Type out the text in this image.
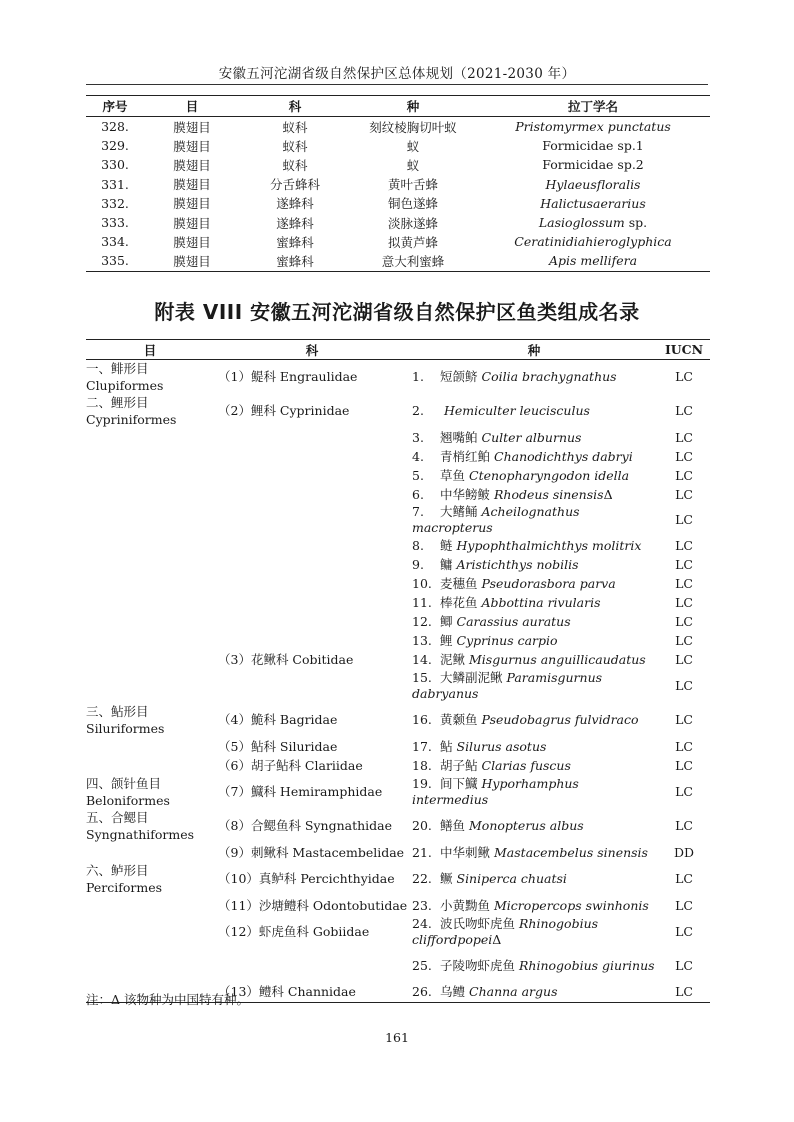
安徽五河沱湖省级自然保护区总体规划（2021-2030 年）
序号	目	科	种	拉丁学名
328.	膜翅目	蚁科	刻纹棱胸切叶蚁	Pristomyrmex punctatus
329.	膜翅目	蚁科	蚁	Formicidae sp.1
330.	膜翅目	蚁科	蚁	Formicidae sp.2
331.	膜翅目	分舌蜂科	黄叶舌蜂	Hylaeusfloralis
332.	膜翅目	遂蜂科	铜色遂蜂	Halictusaerarius
333.	膜翅目	遂蜂科	淡脉遂蜂	Lasioglossum sp.
334.	膜翅目	蜜蜂科	拟黄芦蜂	Ceratinidiahieroglyphica
335.	膜翅目	蜜蜂科	意大利蜜蜂	Apis mellifera
附表 VIII 安徽五河沱湖省级自然保护区鱼类组成名录
目	科	种	IUCN
一、鲱形目 Clupiformes	（1）鳀科 Engraulidae	1. 短颌鲚 Coilia brachygnathus	LC
二、鲤形目 Cypriniformes	（2）鲤科 Cyprinidae	2. Hemiculter leucisculus	LC
		3. 翘嘴鲌 Culter alburnus	LC
		4. 青梢红鲌 Chanodichthys dabryi	LC
		5. 草鱼 Ctenopharyngodon idella	LC
		6. 中华鳑鲏 Rhodeus sinensisΔ	LC
		7. 大鳍鲬 Acheilognathus macropterus	LC
		8. 鲢 Hypophthalmichthys molitrix	LC
		9. 鳙 Aristichthys nobilis	LC
		10. 麦穗鱼 Pseudorasbora parva	LC
		11. 棒花鱼 Abbottina rivularis	LC
		12. 鲫 Carassius auratus	LC
		13. 鲤 Cyprinus carpio	LC
	（3）花鳅科 Cobitidae	14. 泥鳅 Misgurnus anguillicaudatus	LC
		15. 大鳞副泥鳅 Paramisgurnus dabryanus	LC
三、鲇形目 Siluriformes	（4）鮠科 Bagridae	16. 黄颡鱼 Pseudobagrus fulvidraco	LC
	（5）鲇科 Siluridae	17. 鲇 Silurus asotus	LC
	（6）胡子鲇科 Clariidae	18. 胡子鲇 Clarias fuscus	LC
四、颌针鱼目 Beloniformes	（7）鱵科 Hemiramphidae	19. 间下鱵 Hyporhamphus intermedius	LC
五、合鳃目 Syngnathiformes	（8）合鳃鱼科 Syngnathidae	20. 鳝鱼 Monopterus albus	LC
	（9）刺鳅科 Mastacembelidae	21. 中华刺鳅 Mastacembelus sinensis	DD
六、鲈形目 Perciformes	（10）真鲈科 Percichthyidae	22. 鳜 Siniperca chuatsi	LC
	（11）沙塘鳢科 Odontobutidae	23. 小黄黝鱼 Micropercops swinhonis	LC
	（12）虾虎鱼科 Gobiidae	24. 波氏吻虾虎鱼 Rhinogobius cliffordpopeiΔ	LC
		25. 子陵吻虾虎鱼 Rhinogobius giurinus	LC
	（13）鳢科 Channidae	26. 乌鳢 Channa argus	LC
注：Δ 该物种为中国特有种。
161
